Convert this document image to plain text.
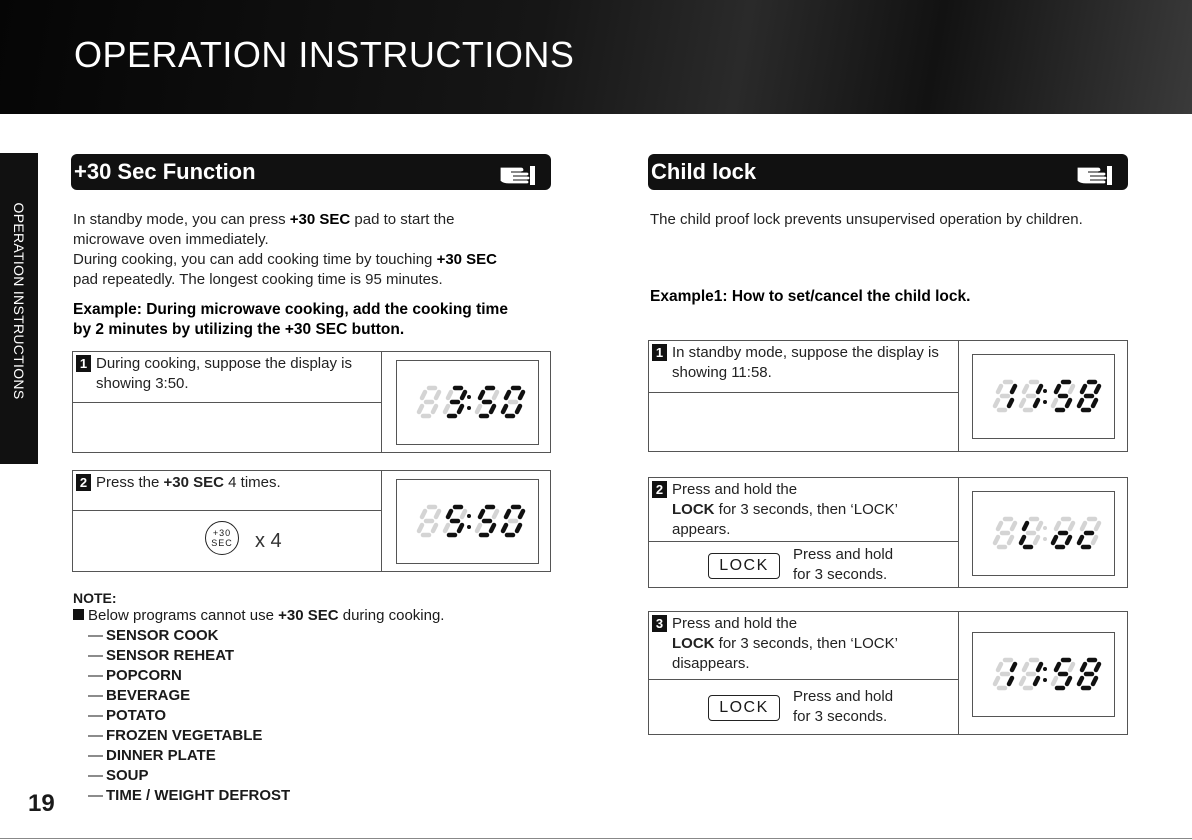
OPERATION INSTRUCTIONS
OPERATION INSTRUCTIONS
+30 Sec Function
In standby mode, you can press +30 SEC pad to start the
microwave oven immediately.
During cooking, you can add cooking time by touching +30 SEC
pad repeatedly. The longest cooking time is 95 minutes.
Example: During microwave cooking, add the cooking time
by 2 minutes by utilizing the +30 SEC button.
1 During cooking, suppose the display is
showing 3:50.
2 Press the +30 SEC 4 times.
+30
SEC x 4
NOTE:
Below programs cannot use +30 SEC during cooking.
— SENSOR COOK
— SENSOR REHEAT
— POPCORN
— BEVERAGE
— POTATO
— FROZEN VEGETABLE
— DINNER PLATE
— SOUP
— TIME / WEIGHT DEFROST
Child lock
The child proof lock prevents unsupervised operation by children.
Example1: How to set/cancel the child lock.
1 In standby mode, suppose the display is
showing 11:58.
2 Press and hold the
LOCK for 3 seconds, then ‘LOCK’
appears.
LOCK
Press and hold
for 3 seconds.
3 Press and hold the
LOCK for 3 seconds, then ‘LOCK’
disappears.
LOCK
Press and hold
for 3 seconds.
19
